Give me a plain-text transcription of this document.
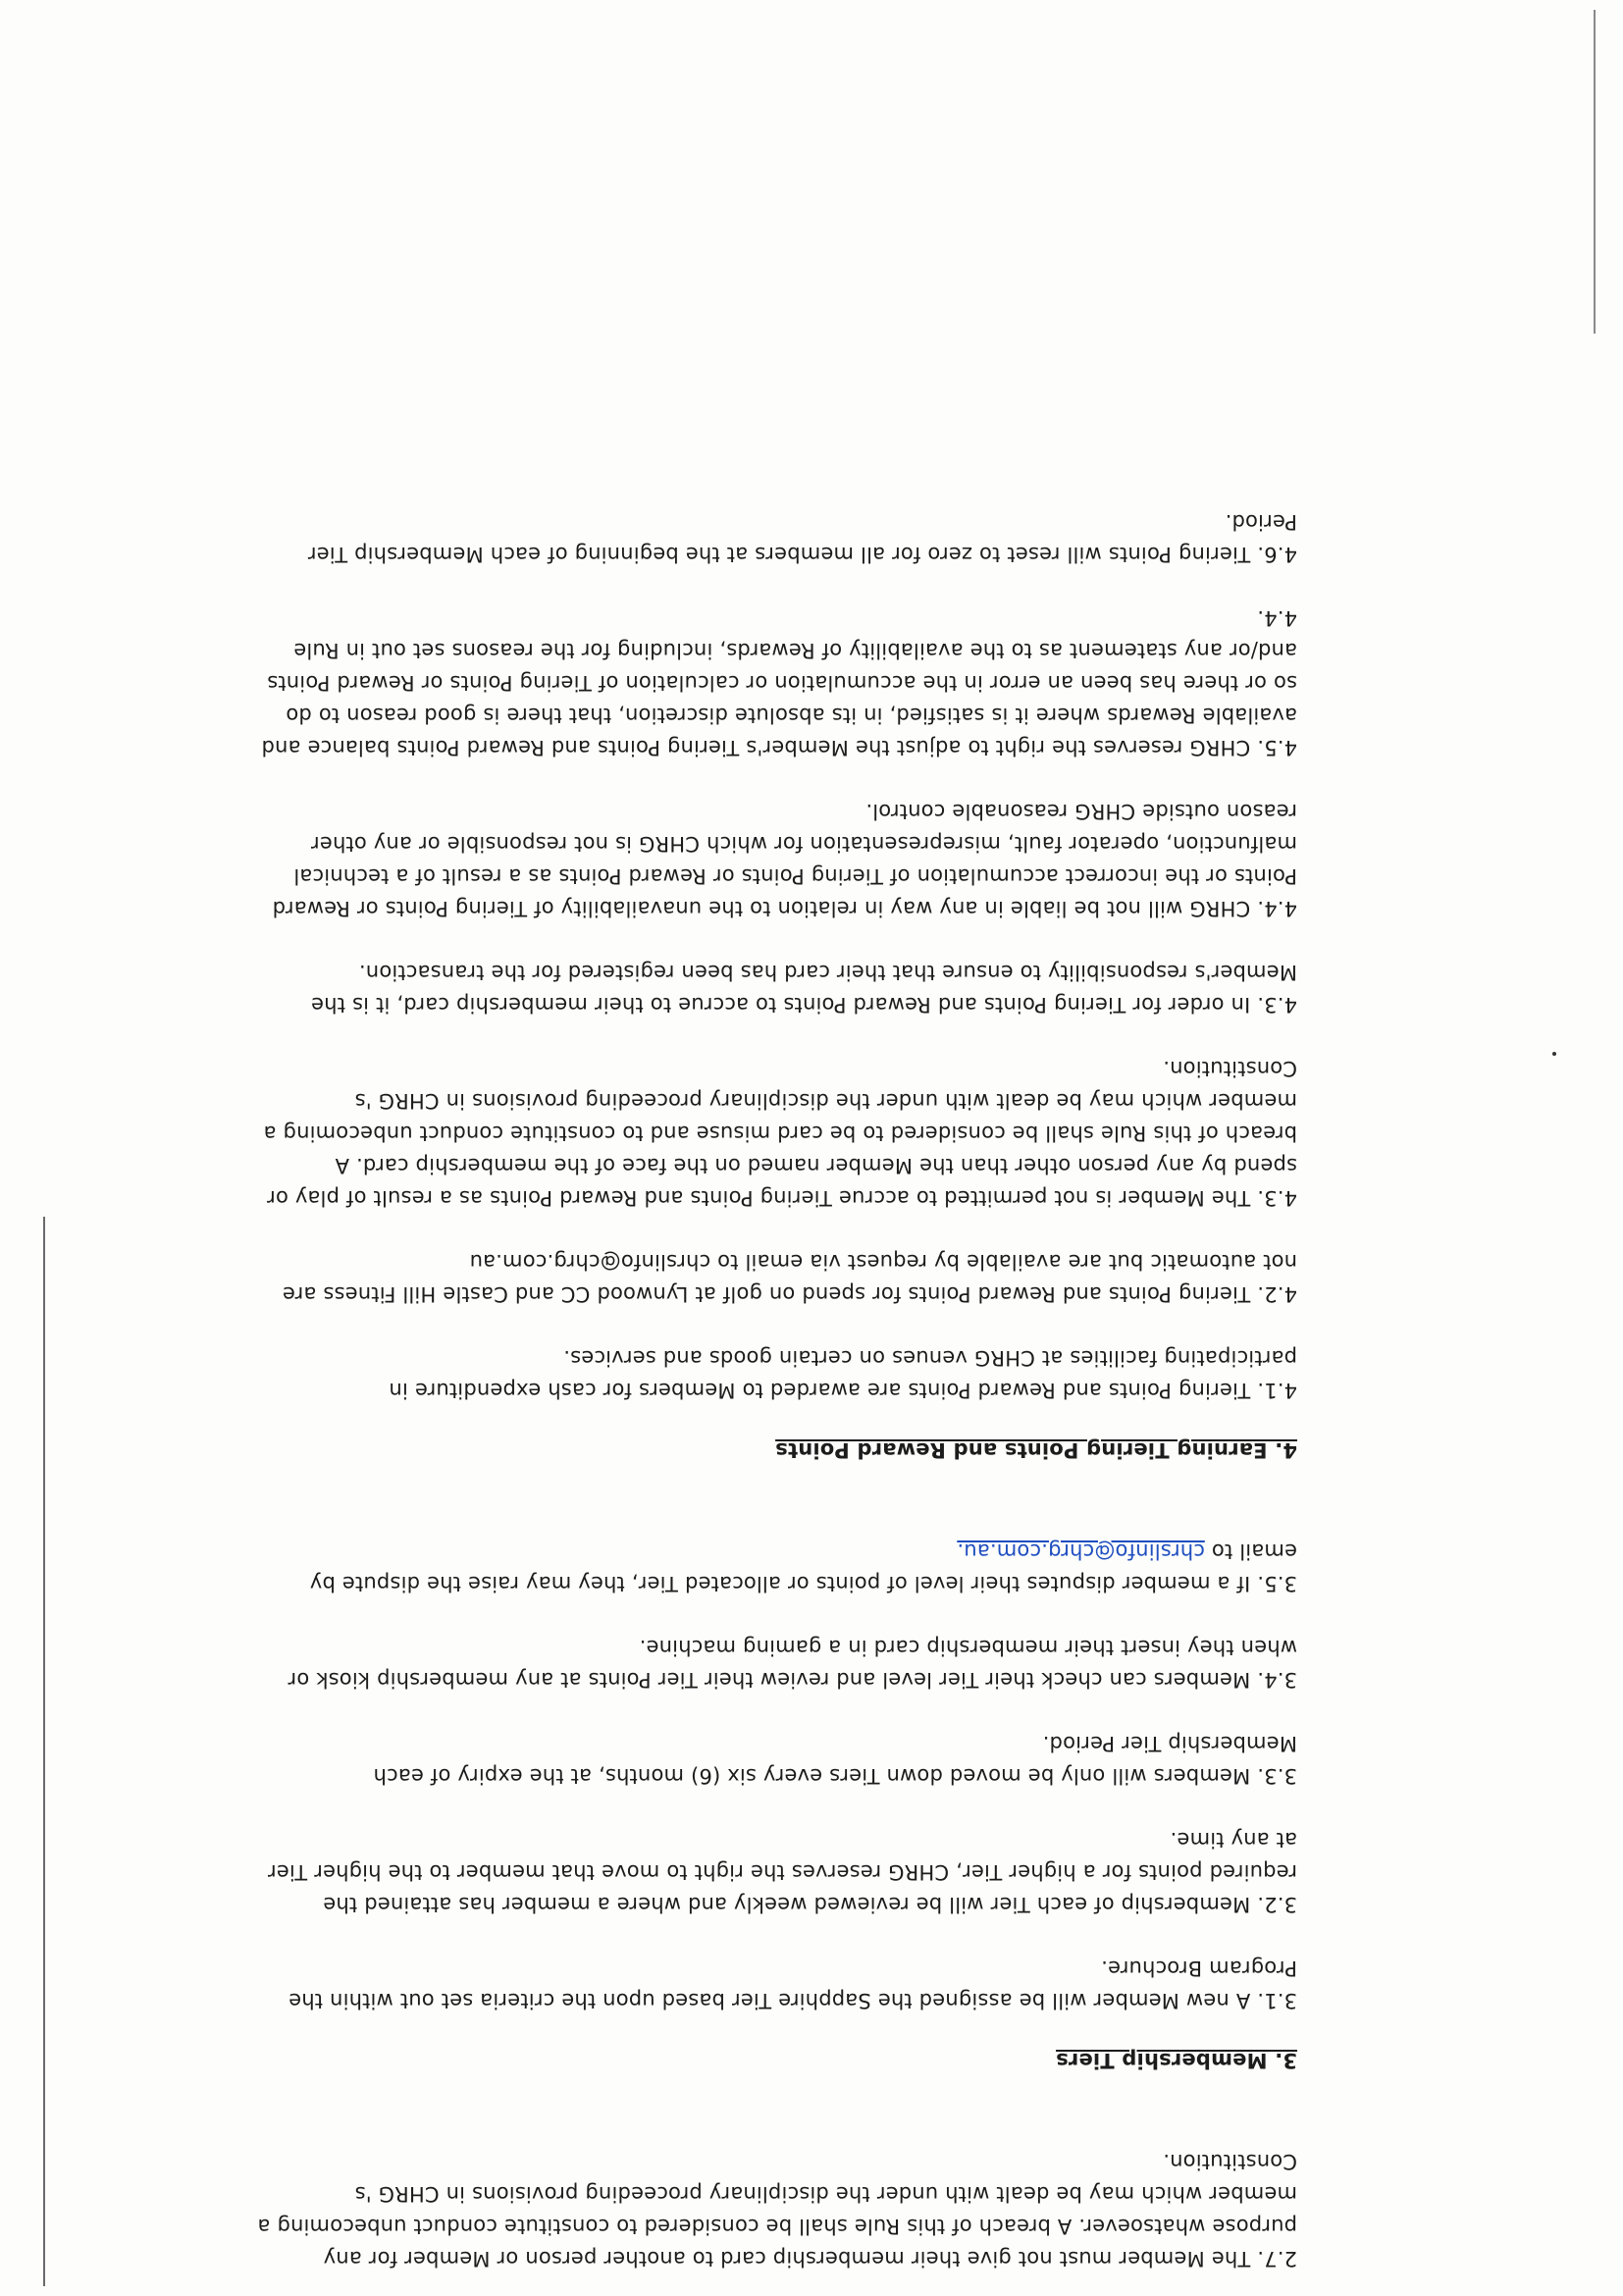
2.7. The Member must not give their membership card to another person or Member for any purpose whatsoever. A breach of this Rule shall be considered to constitute conduct unbecoming a member which may be dealt with under the disciplinary proceeding provisions in CHRG 's Constitution.

3. Membership Tiers

3.1. A new Member will be assigned the Sapphire Tier based upon the criteria set out within the Program Brochure.

3.2. Membership of each Tier will be reviewed weekly and where a member has attained the required points for a higher Tier, CHRG reserves the right to move that member to the higher Tier at any time.

3.3. Members will only be moved down Tiers every six (6) months, at the expiry of each Membership Tier Period.

3.4. Members can check their Tier level and review their Tier Points at any membership kiosk or when they insert their membership card in a gaming machine.

3.5. If a member disputes their level of points or allocated Tier, they may raise the dispute by email to chrslinfo@chrg.com.au.

4. Earning Tiering Points and Reward Points

4.1. Tiering Points and Reward Points are awarded to Members for cash expenditure in participating facilities at CHRG venues on certain goods and services.

4.2. Tiering Points and Reward Points for spend on golf at Lynwood CC and Castle Hill Fitness are not automatic but are available by request via email to chrslinfo@chrg.com.au

4.3. The Member is not permitted to accrue Tiering Points and Reward Points as a result of play or spend by any person other than the Member named on the face of the membership card. A breach of this Rule shall be considered to be card misuse and to constitute conduct unbecoming a member which may be dealt with under the disciplinary proceeding provisions in CHRG 's Constitution.

4.3. In order for Tiering Points and Reward Points to accrue to their membership card, it is the Member's responsibility to ensure that their card has been registered for the transaction.

4.4. CHRG will not be liable in any way in relation to the unavailability of Tiering Points or Reward Points or the incorrect accumulation of Tiering Points or Reward Points as a result of a technical malfunction, operator fault, misrepresentation for which CHRG is not responsible or any other reason outside CHRG reasonable control.

4.5. CHRG reserves the right to adjust the Member's Tiering Points and Reward Points balance and available Rewards where it is satisfied, in its absolute discretion, that there is good reason to do so or there has been an error in the accumulation or calculation of Tiering Points or Reward Points and/or any statement as to the availability of Rewards, including for the reasons set out in Rule 4.4.

4.6. Tiering Points will reset to zero for all members at the beginning of each Membership Tier Period.
